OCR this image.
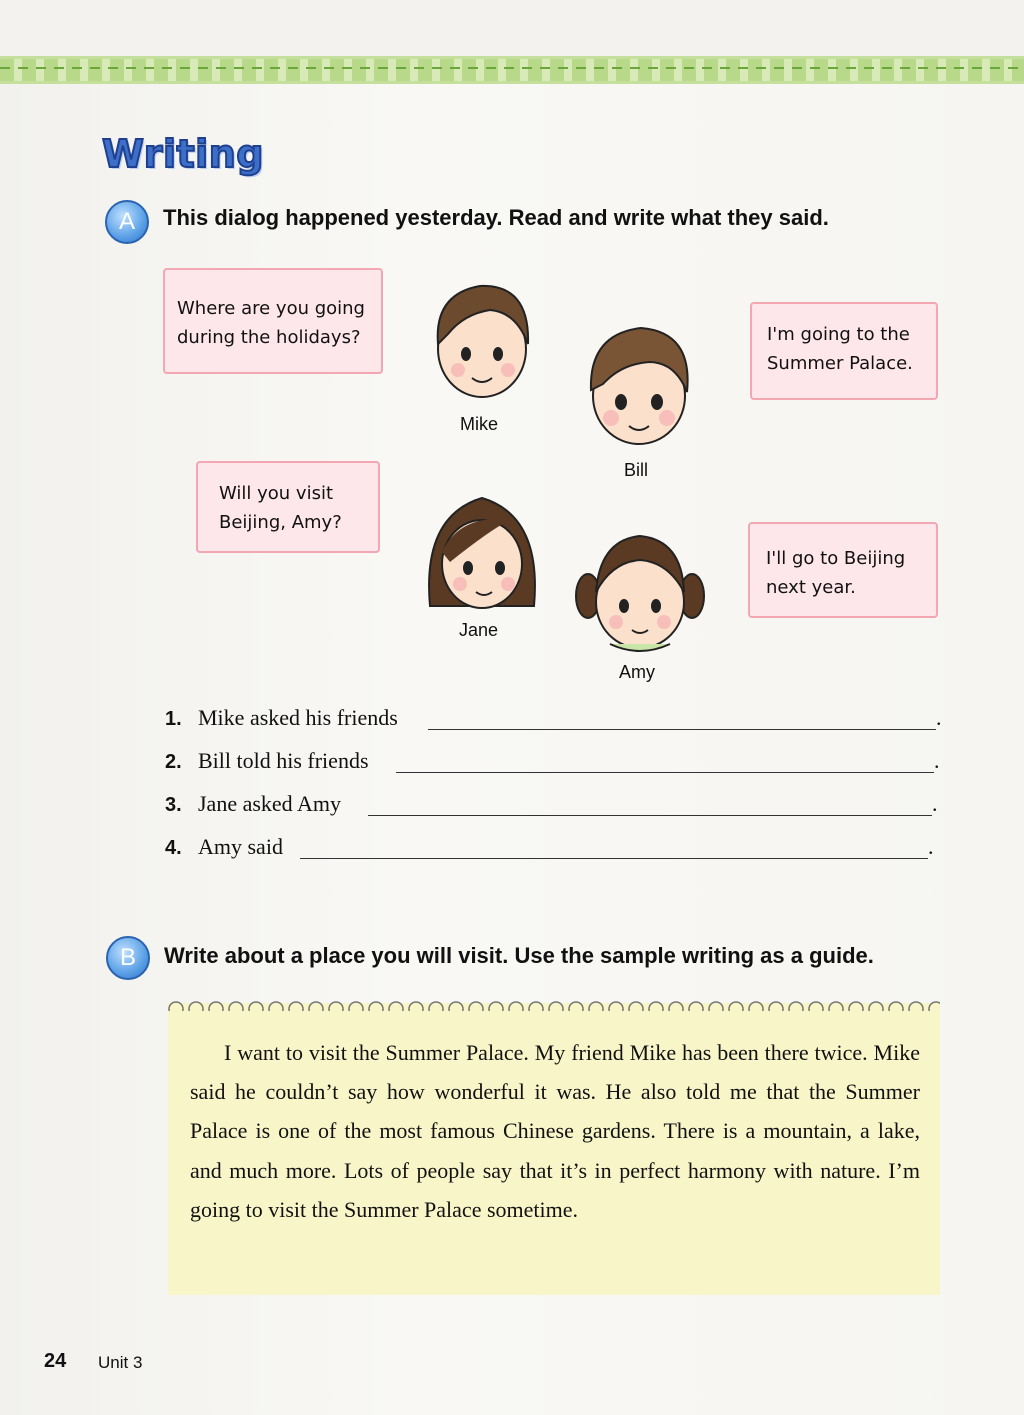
Writing
A	This dialog happened yesterday. Read and write what they said.
Where are you going
during the holidays?	I'm going to the
Summer Palace.
Will you visit
Beijing, Amy?
I'll go to Beijing
next year.
Mike
Bill
Jane
Amy
1. Mike asked his friends	.
2. Bill told his friends	.
3. Jane asked Amy	.
4. Amy said	.
B	Write about a place you will visit. Use the sample writing as a guide.
I want to visit the Summer Palace. My friend Mike has been there twice. Mike said he couldn’t say how wonderful it was. He also told me that the Summer Palace is one of the most famous Chinese gardens. There is a mountain, a lake, and much more. Lots of people say that it’s in perfect harmony with nature. I’m going to visit the Summer Palace sometime.
24 Unit 3
